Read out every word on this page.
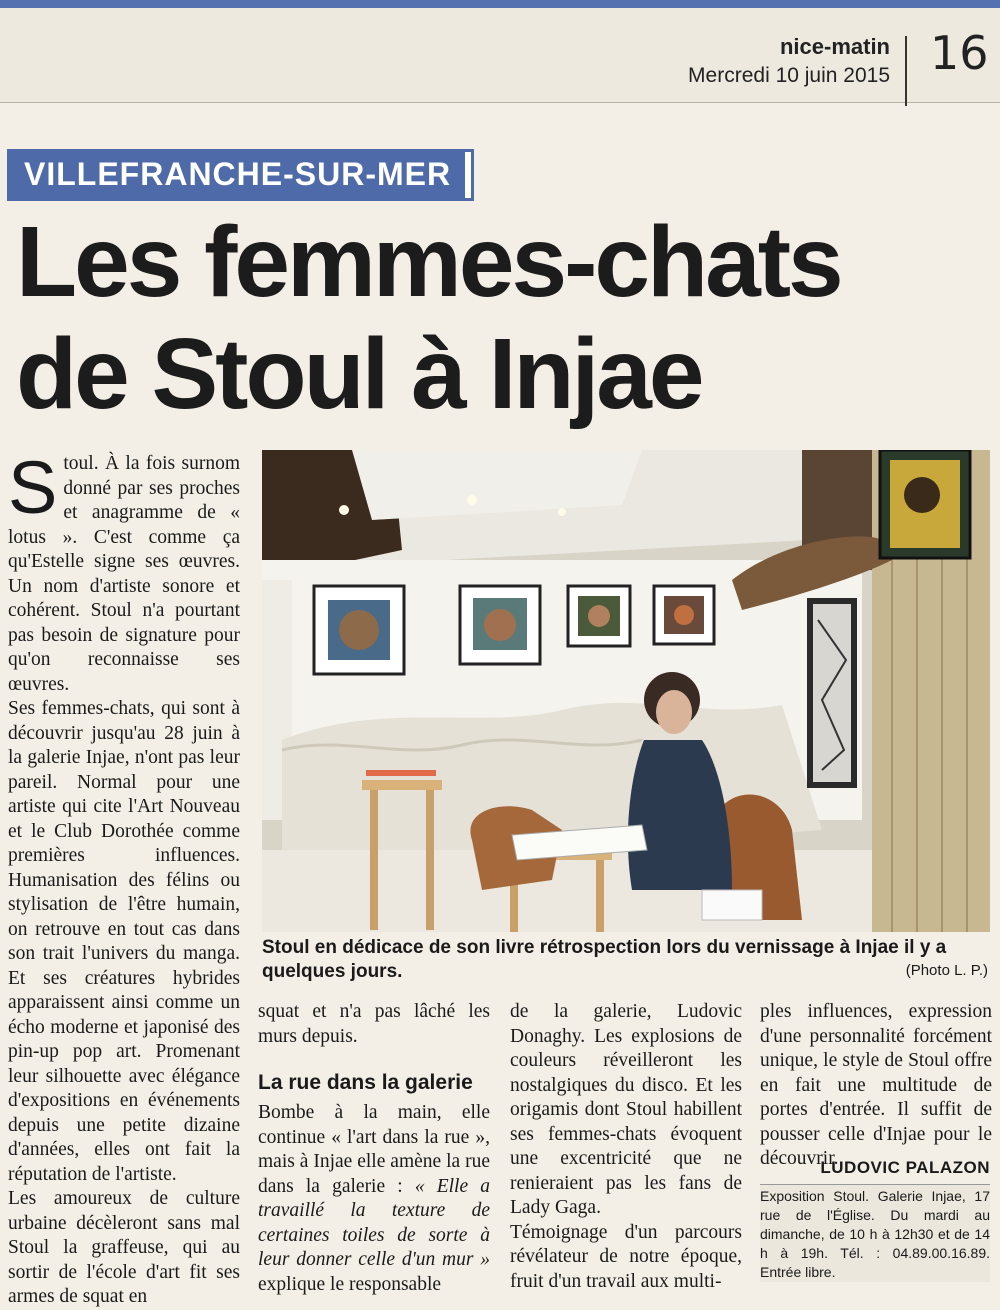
nice-matin
Mercredi 10 juin 2015 16
VILLEFRANCHE-SUR-MER
Les femmes-chats
de Stoul à Injae

Stoul. À la fois surnom donné par ses proches et anagramme de « lotus ». C'est comme ça qu'Estelle signe ses œuvres. Un nom d'artiste sonore et cohérent. Stoul n'a pourtant pas besoin de signature pour qu'on reconnaisse ses œuvres.

Ses femmes-chats, qui sont à découvrir jusqu'au 28 juin à la galerie Injae, n'ont pas leur pareil. Normal pour une artiste qui cite l'Art Nouveau et le Club Dorothée comme premières influences. Humanisation des félins ou stylisation de l'être humain, on retrouve en tout cas dans son trait l'univers du manga. Et ses créatures hybrides apparaissent ainsi comme un écho moderne et japonisé des pin-up pop art. Promenant leur silhouette avec élégance d'expositions en événements depuis une petite dizaine d'années, elles ont fait la réputation de l'artiste.

Les amoureux de culture urbaine décèleront sans mal Stoul la graffeuse, qui au sortir de l'école d'art fit ses armes de squat en

Stoul en dédicace de son livre rétrospection lors du vernissage à Injae il y a quelques jours.	(Photo L. P.)

squat et n'a pas lâché les murs depuis.

La rue dans la galerie

Bombe à la main, elle continue « l'art dans la rue », mais à Injae elle amène la rue dans la galerie : « Elle a travaillé la texture de certaines toiles de sorte à leur donner celle d'un mur » explique le responsable

de la galerie, Ludovic Donaghy. Les explosions de couleurs réveilleront les nostalgiques du disco. Et les origamis dont Stoul habillent ses femmes-chats évoquent une excentricité que ne renieraient pas les fans de Lady Gaga.

Témoignage d'un parcours révélateur de notre époque, fruit d'un travail aux multi-

ples influences, expression d'une personnalité forcément unique, le style de Stoul offre en fait une multitude de portes d'entrée. Il suffit de pousser celle d'Injae pour le découvrir.

LUDOVIC PALAZON
Exposition Stoul. Galerie Injae, 17 rue de l'Église. Du mardi au dimanche, de 10 h à 12h30 et de 14 h à 19h. Tél. : 04.89.00.16.89. Entrée libre.
